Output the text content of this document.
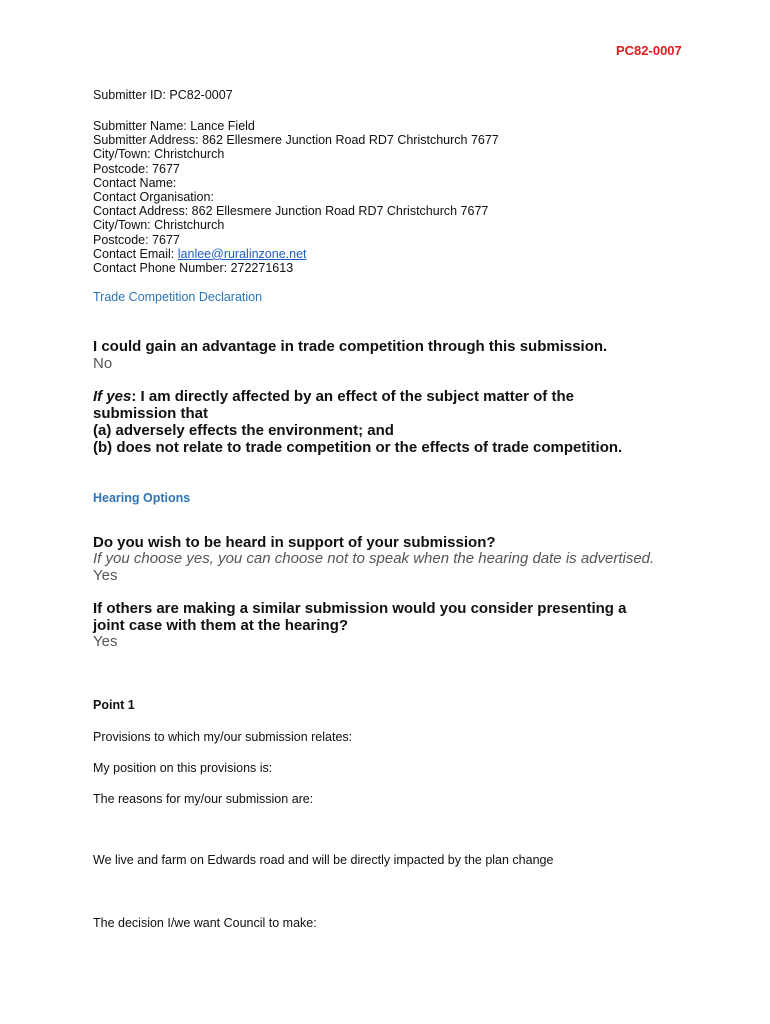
PC82-0007
Submitter ID: PC82-0007
Submitter Name: Lance Field
Submitter Address: 862 Ellesmere Junction Road RD7 Christchurch 7677
City/Town: Christchurch
Postcode: 7677
Contact Name:
Contact Organisation:
Contact Address: 862 Ellesmere Junction Road RD7 Christchurch 7677
City/Town: Christchurch
Postcode: 7677
Contact Email: lanlee@ruralinzone.net
Contact Phone Number: 272271613
Trade Competition Declaration
I could gain an advantage in trade competition through this submission.
No
If yes: I am directly affected by an effect of the subject matter of the
submission that
(a) adversely effects the environment; and
(b) does not relate to trade competition or the effects of trade competition.
Hearing Options
Do you wish to be heard in support of your submission?
If you choose yes, you can choose not to speak when the hearing date is advertised.
Yes
If others are making a similar submission would you consider presenting a
joint case with them at the hearing?
Yes
Point 1
Provisions to which my/our submission relates:
My position on this provisions is:
The reasons for my/our submission are:
We live and farm on Edwards road and will be directly impacted by the plan change
The decision I/we want Council to make:
